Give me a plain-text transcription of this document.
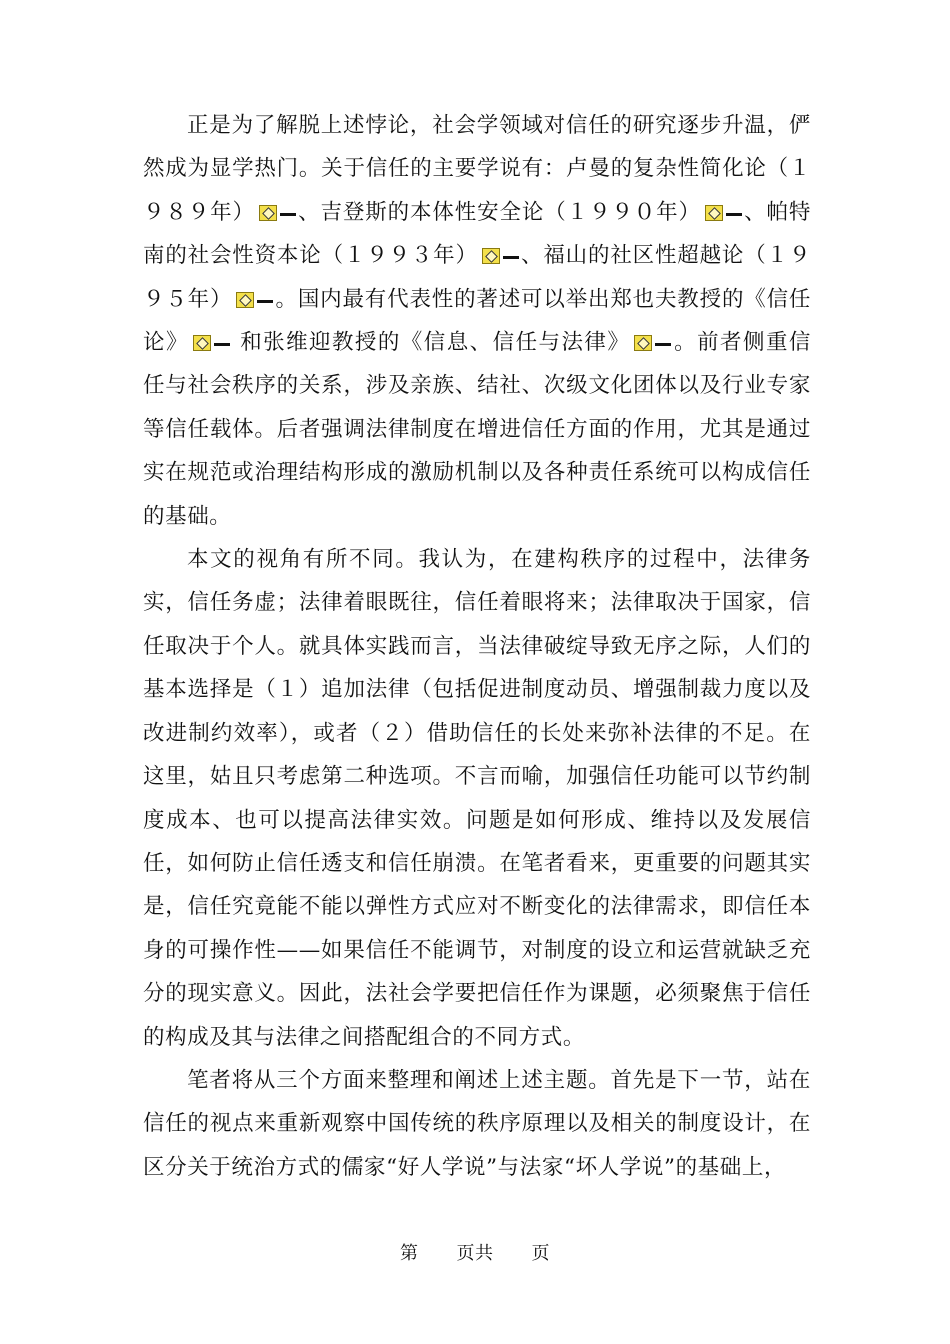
正是为了解脱上述悖论，社会学领域对信任的研究逐步升温，俨然成为显学热门。关于信任的主要学说有：卢曼的复杂性简化论（１９８９年） 、吉登斯的本体性安全论（１９９０年） 、帕特南的社会性资本论（１９９３年） 、福山的社区性超越论（１９９５年） 。国内最有代表性的著述可以举出郑也夫教授的《信任论》 和张维迎教授的《信息、信任与法律》 。前者侧重信任与社会秩序的关系，涉及亲族、结社、次级文化团体以及行业专家等信任载体。后者强调法律制度在增进信任方面的作用，尤其是通过实在规范或治理结构形成的激励机制以及各种责任系统可以构成信任的基础。

本文的视角有所不同。我认为，在建构秩序的过程中，法律务实，信任务虚；法律着眼既往，信任着眼将来；法律取决于国家，信任取决于个人。就具体实践而言，当法律破绽导致无序之际，人们的基本选择是（１）追加法律（包括促进制度动员、增强制裁力度以及改进制约效率），或者（２）借助信任的长处来弥补法律的不足。在这里，姑且只考虑第二种选项。不言而喻，加强信任功能可以节约制度成本、也可以提高法律实效。问题是如何形成、维持以及发展信任，如何防止信任透支和信任崩溃。在笔者看来，更重要的问题其实是，信任究竟能不能以弹性方式应对不断变化的法律需求，即信任本身的可操作性——如果信任不能调节，对制度的设立和运营就缺乏充分的现实意义。因此，法社会学要把信任作为课题，必须聚焦于信任的构成及其与法律之间搭配组合的不同方式。

笔者将从三个方面来整理和阐述上述主题。首先是下一节，站在信任的视点来重新观察中国传统的秩序原理以及相关的制度设计，在区分关于统治方式的儒家“好人学说”与法家“坏人学说”的基础上，

第 页共 页
